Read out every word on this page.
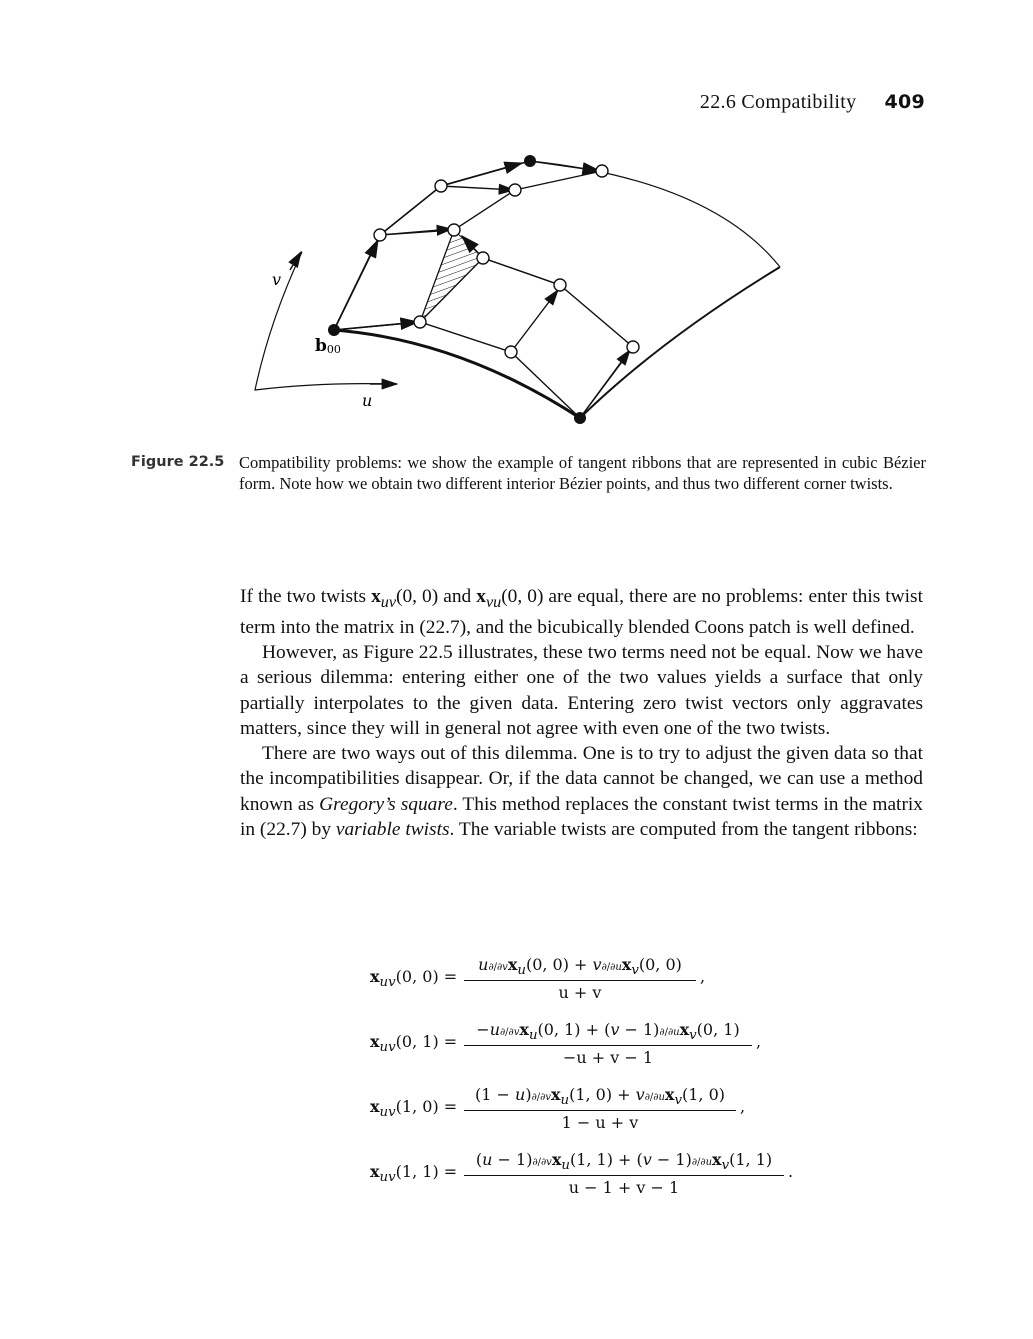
22.6 Compatibility 409
v
u
b00
Figure 22.5 Compatibility problems: we show the example of tangent ribbons that are represented in cubic Bézier form. Note how we obtain two different interior Bézier points, and thus two different corner twists.

If the two twists $x_{uv}(0$, 0) and $x_{vu}(0$, 0) are equal, there are no problems: enter this twist term into the matrix in (22.7), and the bicubically blended Coons patch is well defined.

However, as Figure 22.5 illustrates, these two terms need not be equal. Now we have a serious dilemma: entering either one of the two values yields a surface that only partially interpolates to the given data. Entering zero twist vectors only aggravates matters, since they will in general not agree with even one of the two twists.

There are two ways out of this dilemma. One is to try to adjust the given data so that the incompatibilities disappear. Or, if the data cannot be changed, we can use a method known as Gregory’s square. This method replaces the constant twist terms in the matrix in (22.7) by variable twists. The variable twists are computed from the tangent ribbons:

$x_{uv}(0$, 0) =
$u\partial/\partial vx_u(0$, $0) + v\partial/\partial ux_v(0$, 0)
u + v
,
$x_{uv}(0$, 1) =
$-u\partial/\partial vx_u(0$, $1) + (v - 1)\partial/\partial ux_v(0$, 1)
−u + v − 1
,
$x_{uv}(1$, 0) =
$(1 - u)\partial/\partial vx_u(1$, $0) + v\partial/\partial ux_v(1$, 0)
1 − u + v
,
$x_{uv}(1$, 1) =
$(u - 1)\partial/\partial vx_u(1$, $1) + (v - 1)\partial/\partial ux_v(1$, 1)
u − 1 + v − 1
.
